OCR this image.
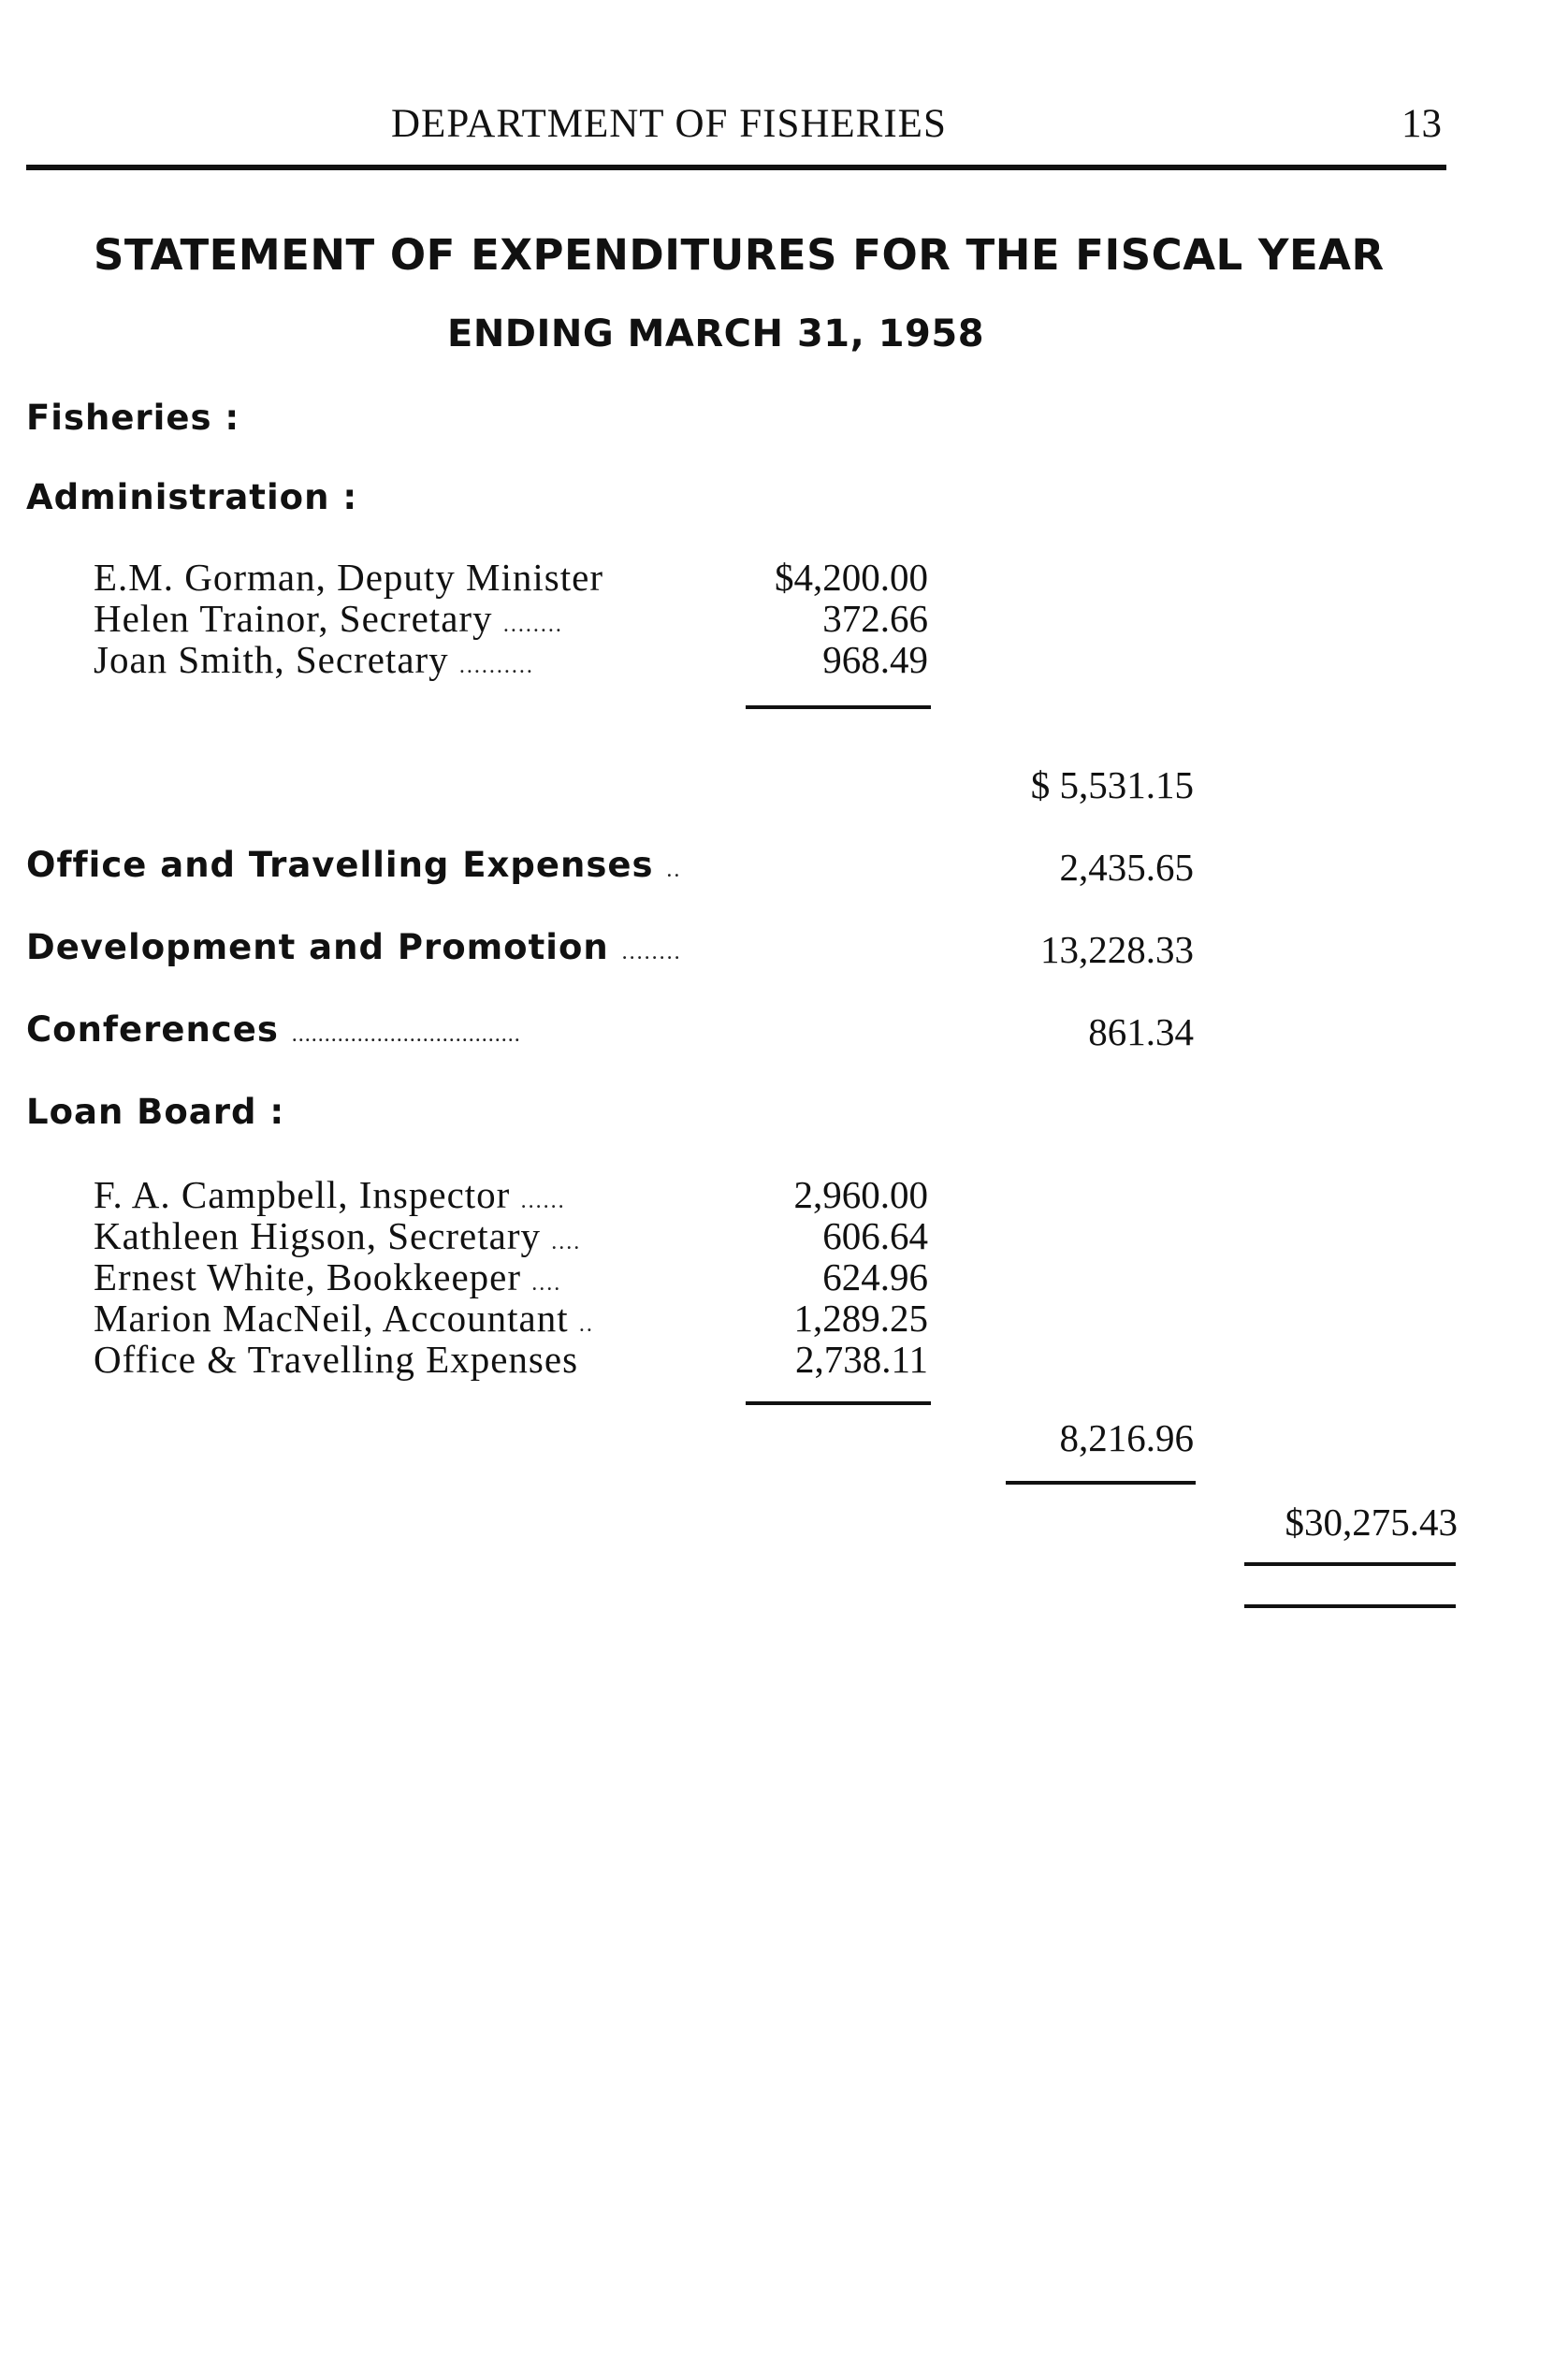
DEPARTMENT OF FISHERIES	13
STATEMENT OF EXPENDITURES FOR THE FISCAL YEAR
ENDING MARCH 31, 1958
Fisheries :
Administration :
E.M. Gorman, Deputy Minister	$4,200.00
Helen Trainor, Secretary ........	372.66
Joan Smith, Secretary ..........	968.49
$ 5,531.15
Office and Travelling Expenses ..	2,435.65
Development and Promotion ........	13,228.33
Conferences ...................................	861.34
Loan Board :
F. A. Campbell, Inspector ......	2,960.00
Kathleen Higson, Secretary ....	606.64
Ernest White, Bookkeeper ....	624.96
Marion MacNeil, Accountant ..	1,289.25
Office & Travelling Expenses	2,738.11
8,216.96
$30,275.43
